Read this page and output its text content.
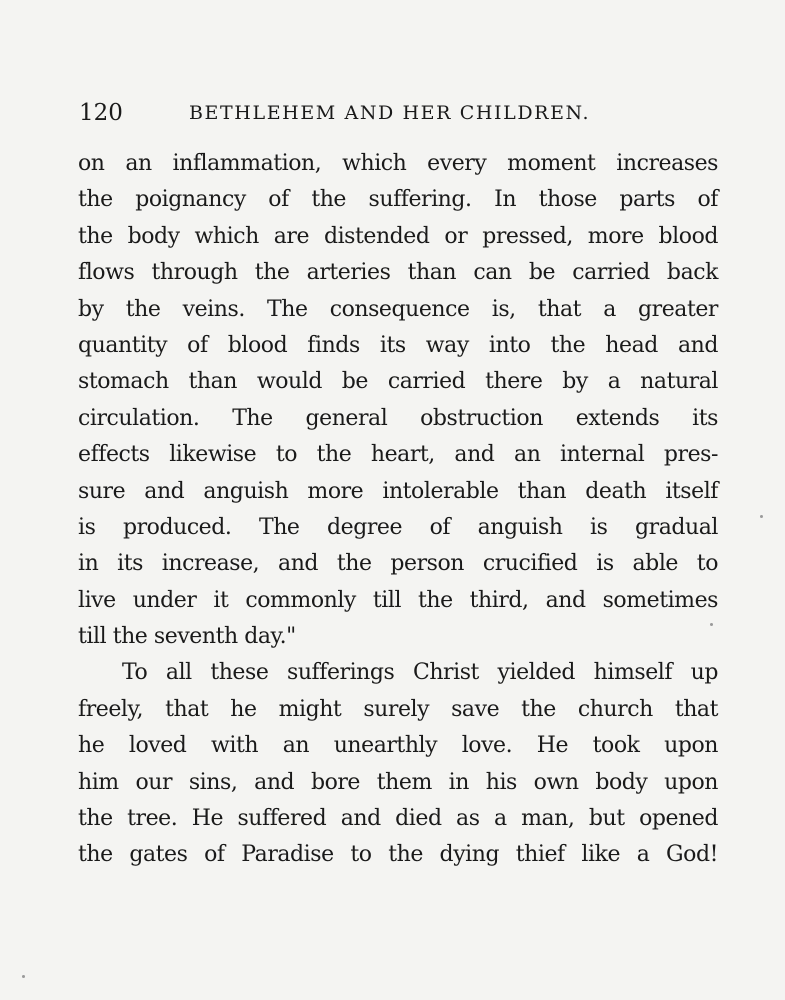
120	BETHLEHEM AND HER CHILDREN.
on an inflammation, which every moment increases
the poignancy of the suffering. In those parts of
the body which are distended or pressed, more blood
flows through the arteries than can be carried back
by the veins. The consequence is, that a greater
quantity of blood finds its way into the head and
stomach than would be carried there by a natural
circulation. The general obstruction extends its
effects likewise to the heart, and an internal pres-
sure and anguish more intolerable than death itself
is produced. The degree of anguish is gradual
in its increase, and the person crucified is able to
live under it commonly till the third, and sometimes
till the seventh day."
To all these sufferings Christ yielded himself up
freely, that he might surely save the church that
he loved with an unearthly love. He took upon
him our sins, and bore them in his own body upon
the tree. He suffered and died as a man, but opened
the gates of Paradise to the dying thief like a God!
